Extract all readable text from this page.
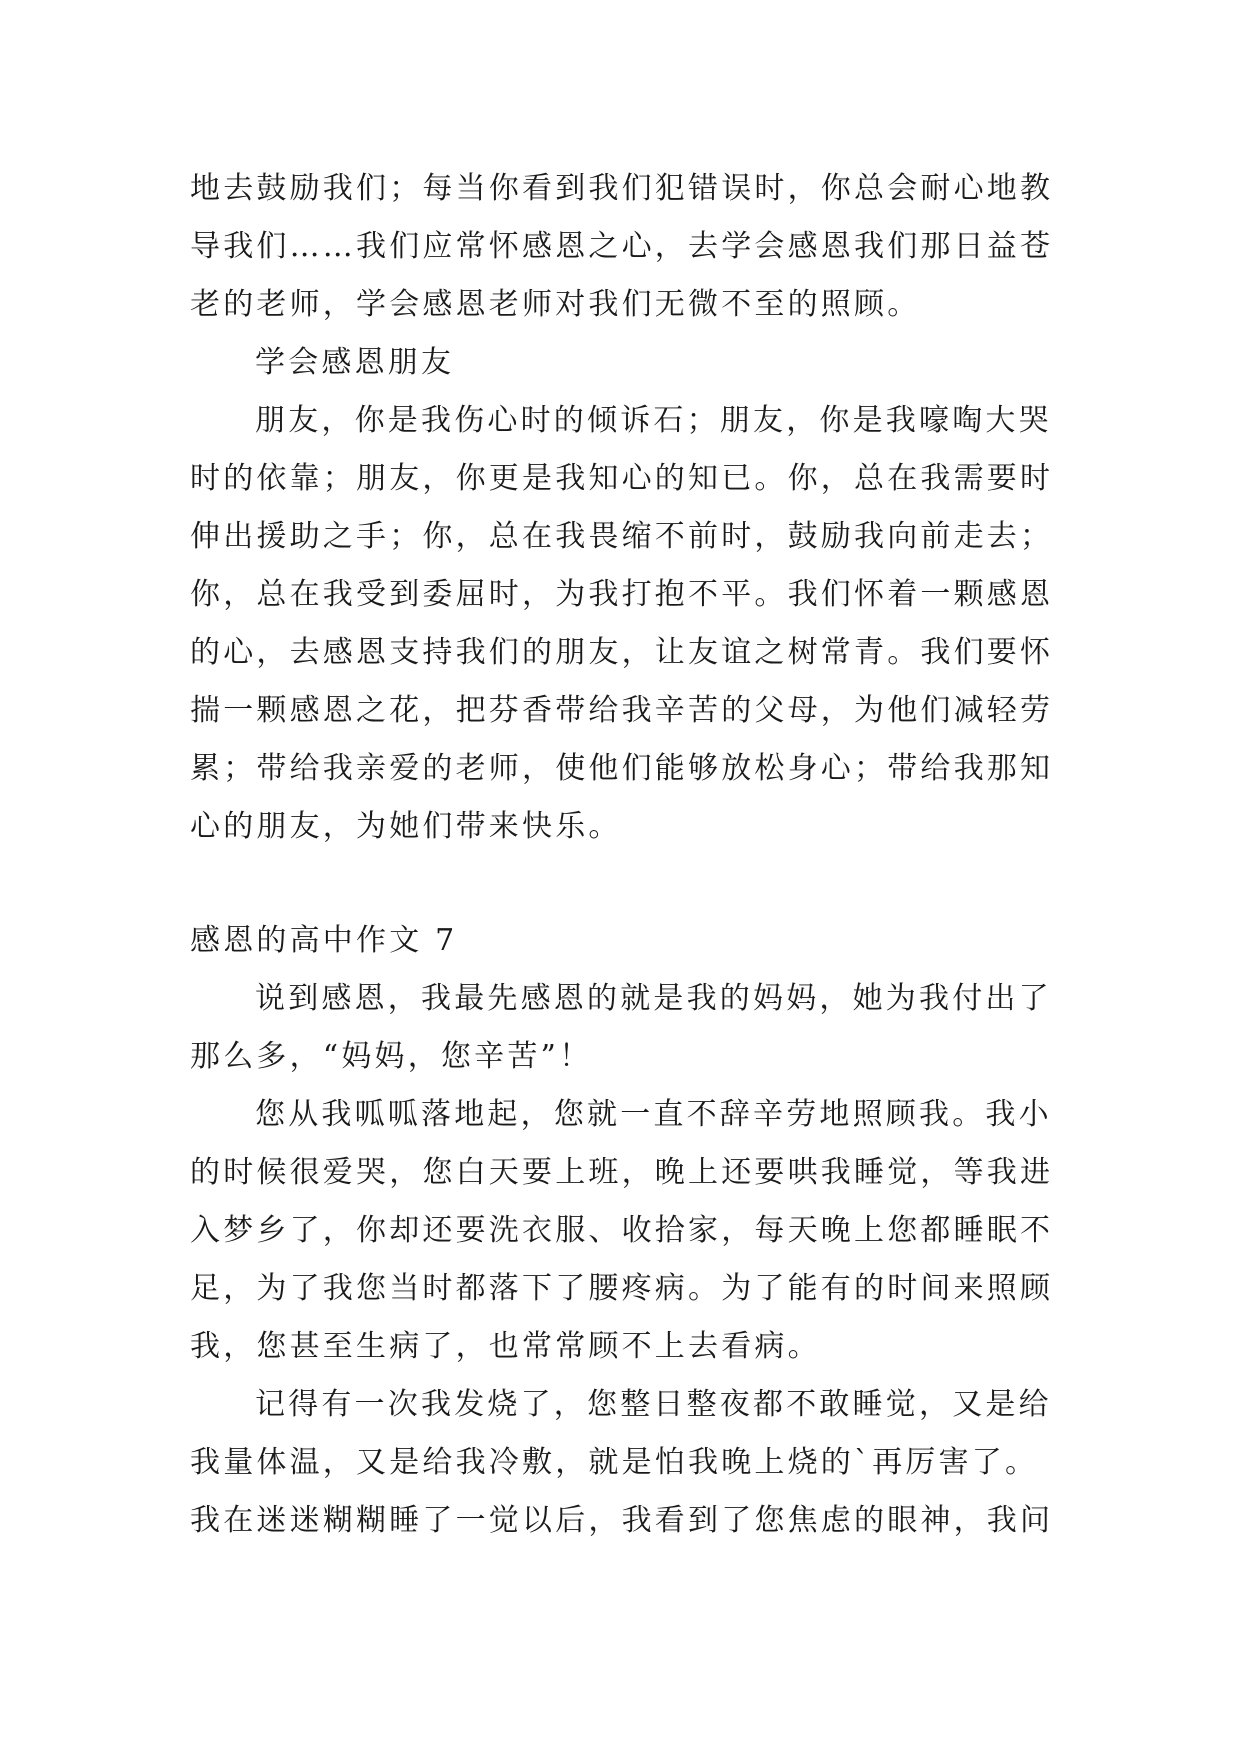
地去鼓励我们；每当你看到我们犯错误时，你总会耐心地教
导我们……我们应常怀感恩之心，去学会感恩我们那日益苍
老的老师，学会感恩老师对我们无微不至的照顾。
学会感恩朋友
朋友，你是我伤心时的倾诉石；朋友，你是我嚎啕大哭
时的依靠；朋友，你更是我知心的知已。你，总在我需要时
伸出援助之手；你，总在我畏缩不前时，鼓励我向前走去；
你，总在我受到委屈时，为我打抱不平。我们怀着一颗感恩
的心，去感恩支持我们的朋友，让友谊之树常青。我们要怀
揣一颗感恩之花，把芬香带给我辛苦的父母，为他们减轻劳
累；带给我亲爱的老师，使他们能够放松身心；带给我那知
心的朋友，为她们带来快乐。
感恩的高中作文 7
说到感恩，我最先感恩的就是我的妈妈，她为我付出了
那么多，“妈妈，您辛苦”！
您从我呱呱落地起，您就一直不辞辛劳地照顾我。我小
的时候很爱哭，您白天要上班，晚上还要哄我睡觉，等我进
入梦乡了，你却还要洗衣服、收拾家，每天晚上您都睡眠不
足，为了我您当时都落下了腰疼病。为了能有的时间来照顾
我，您甚至生病了，也常常顾不上去看病。
记得有一次我发烧了，您整日整夜都不敢睡觉，又是给
我量体温，又是给我冷敷，就是怕我晚上烧的`再厉害了。
我在迷迷糊糊睡了一觉以后，我看到了您焦虑的眼神，我问
